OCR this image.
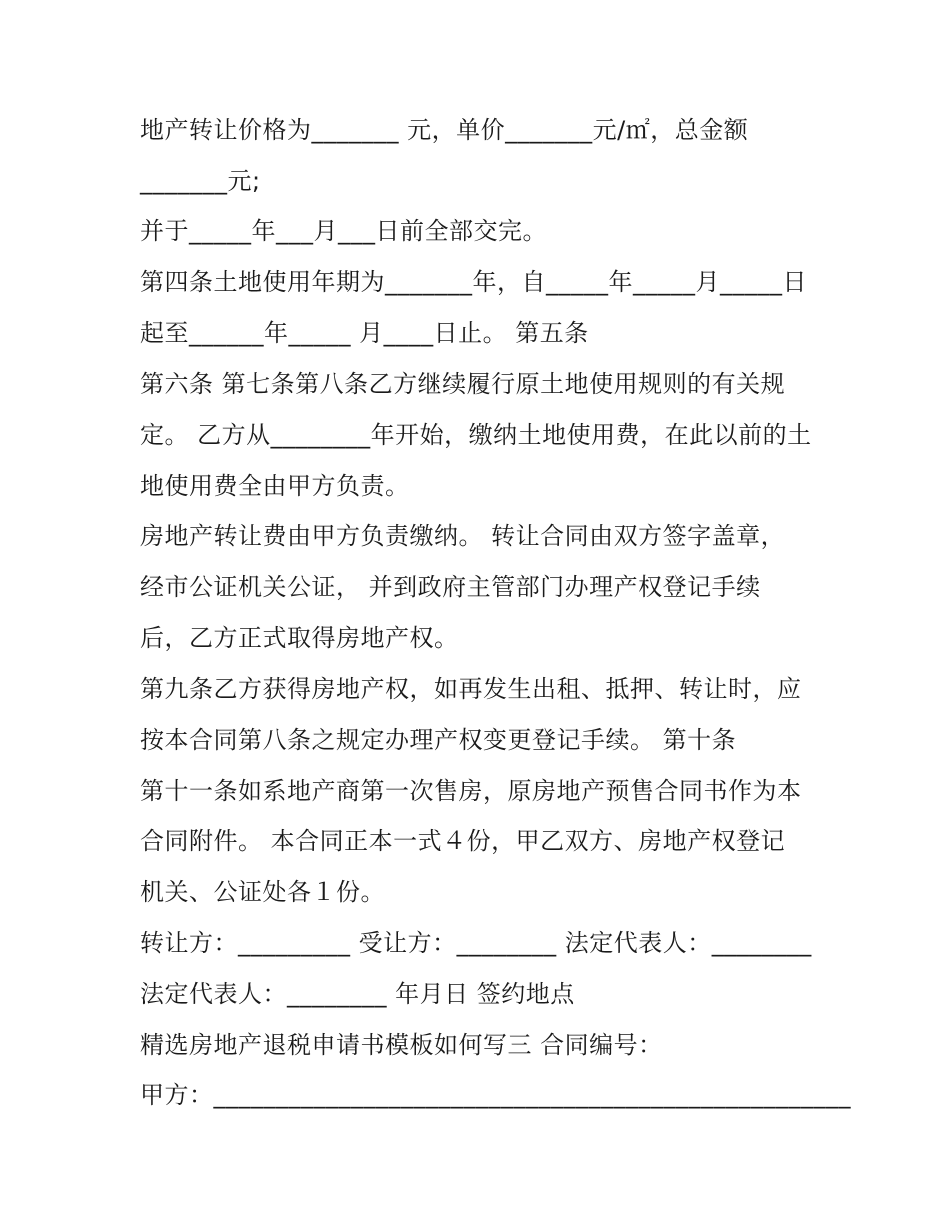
地产转让价格为_______ 元，单价_______元/㎡，总金额
_______元;
并于_____年___月___日前全部交完。
第四条土地使用年期为_______年，自_____年_____月_____日
起至______年_____ 月____日止。 第五条
第六条 第七条第八条乙方继续履行原土地使用规则的有关规
定。 乙方从________年开始，缴纳土地使用费，在此以前的土
地使用费全由甲方负责。
房地产转让费由甲方负责缴纳。 转让合同由双方签字盖章，
经市公证机关公证， 并到政府主管部门办理产权登记手续
后，乙方正式取得房地产权。
第九条乙方获得房地产权，如再发生出租、抵押、转让时，应
按本合同第八条之规定办理产权变更登记手续。 第十条
第十一条如系地产商第一次售房，原房地产预售合同书作为本
合同附件。 本合同正本一式４份，甲乙双方、房地产权登记
机关、公证处各１份。
转让方：_________ 受让方：________ 法定代表人：________
法定代表人：________ 年月日 签约地点
精选房地产退税申请书模板如何写三 合同编号：
甲方：___________________________________________________
